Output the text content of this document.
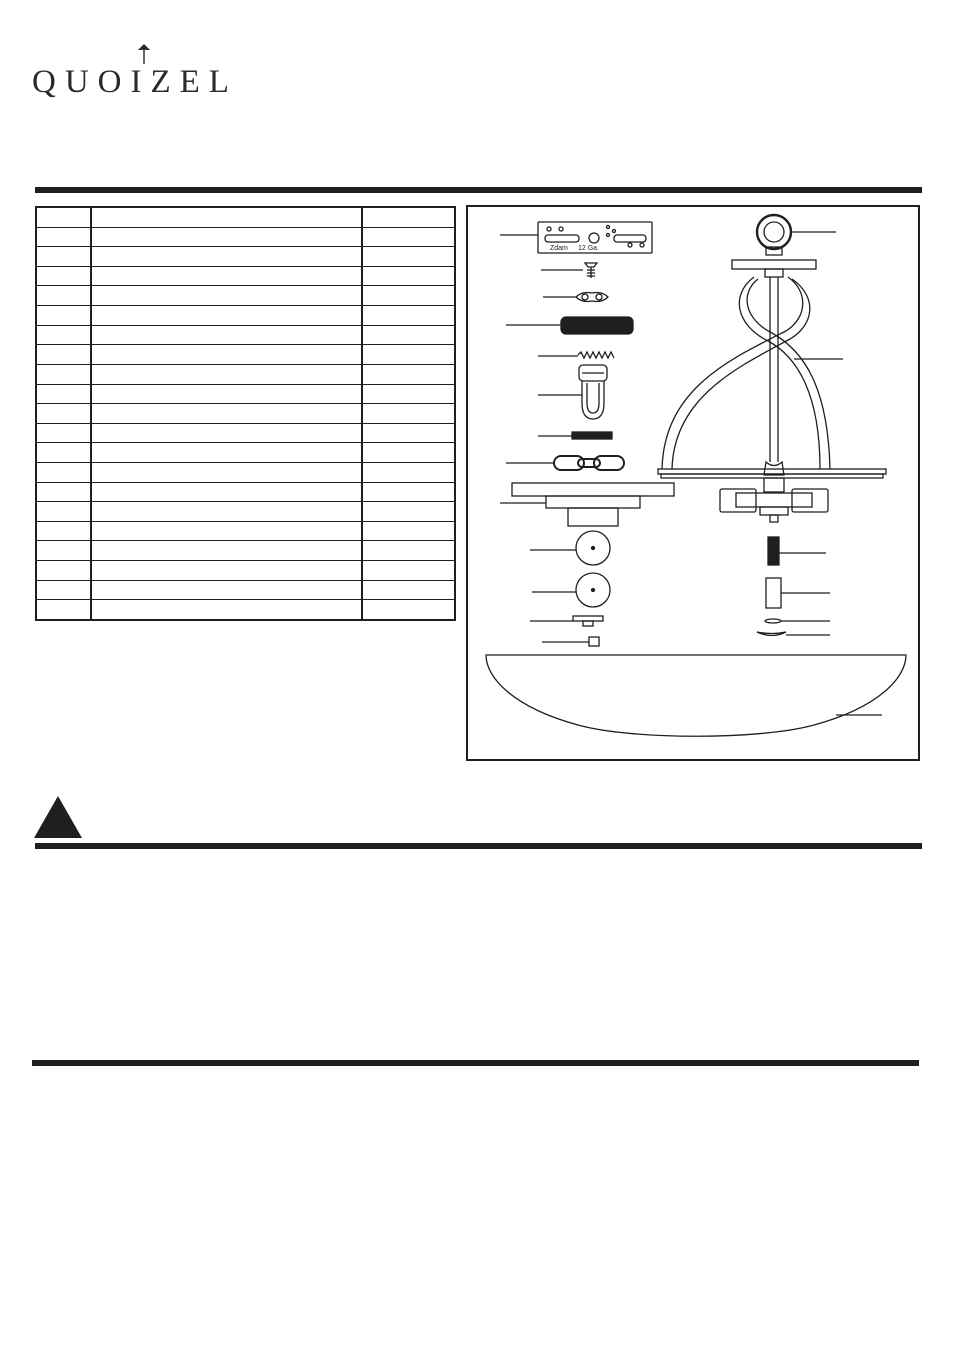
QUOIZEL

Zdam 12 Ga.
